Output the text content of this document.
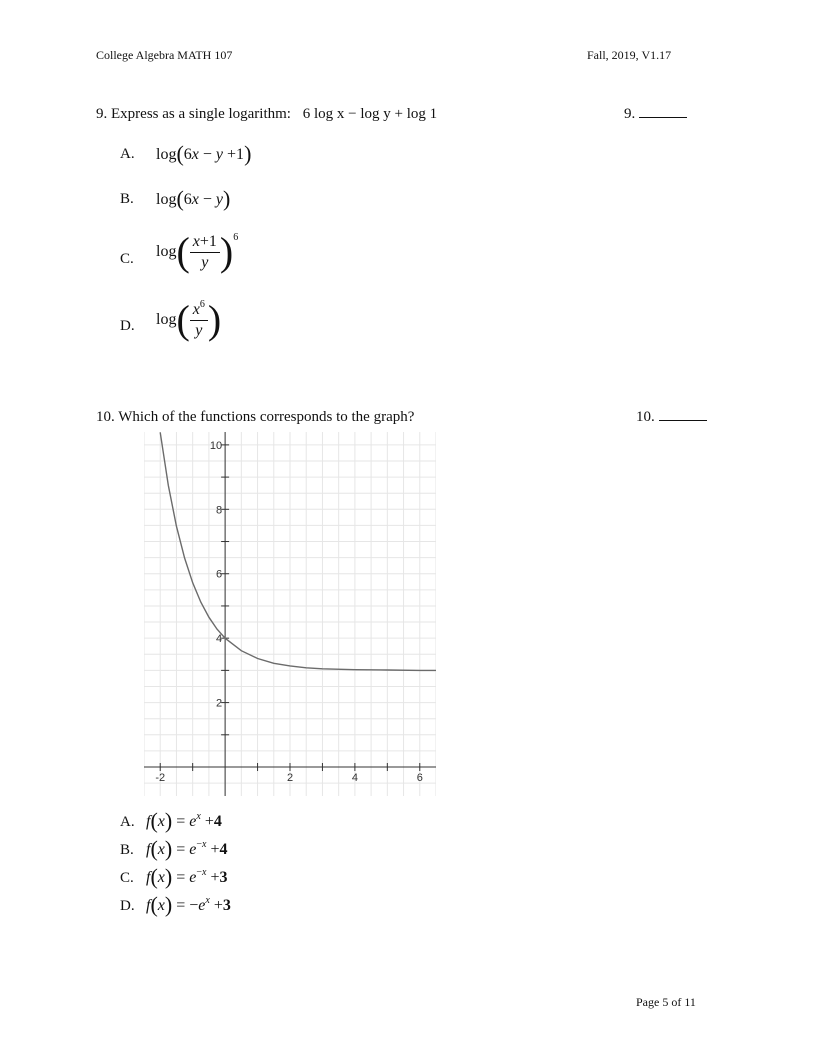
College Algebra MATH 107	Fall, 2019, V1.17
9. Express as a single logarithm: 6 log x − log y + log 1	9.
A. log(6x − y +1)
B. log(6x − y)
C. log ( $\frac{x+1}{y} )^6$
D. log ( $\frac{x^6}{y}$ )
10. Which of the functions corresponds to the graph?	10.
-2	2	4	6
2
4
6
8
10
A. $f(x) = e^x +4$
B. $f(x) = e^{-x} +4$
C. $f(x) = e^{-x} +3$
D. $f(x) = -e^x +3$
Page 5 of 11
